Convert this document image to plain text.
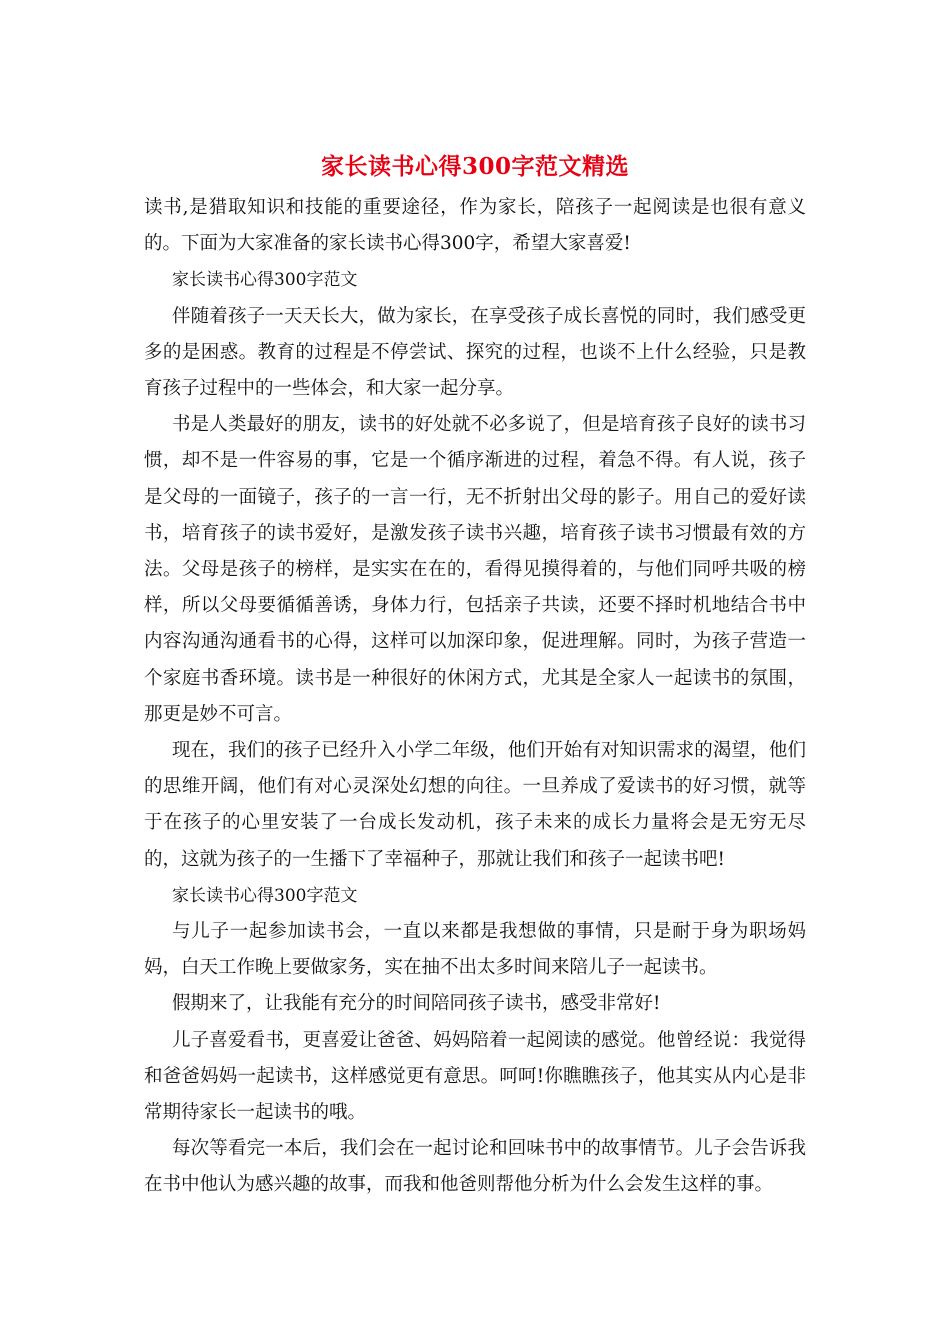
家长读书心得300字范文精选

读书,是猎取知识和技能的重要途径，作为家长，陪孩子一起阅读是也很有意义的。下面为大家准备的家长读书心得300字，希望大家喜爱!

家长读书心得300字范文

伴随着孩子一天天长大，做为家长，在享受孩子成长喜悦的同时，我们感受更多的是困惑。教育的过程是不停尝试、探究的过程，也谈不上什么经验，只是教育孩子过程中的一些体会，和大家一起分享。

书是人类最好的朋友，读书的好处就不必多说了，但是培育孩子良好的读书习惯，却不是一件容易的事，它是一个循序渐进的过程，着急不得。有人说，孩子是父母的一面镜子，孩子的一言一行，无不折射出父母的影子。用自己的爱好读书，培育孩子的读书爱好，是激发孩子读书兴趣，培育孩子读书习惯最有效的方法。父母是孩子的榜样，是实实在在的，看得见摸得着的，与他们同呼共吸的榜样，所以父母要循循善诱，身体力行，包括亲子共读，还要不择时机地结合书中内容沟通沟通看书的心得，这样可以加深印象，促进理解。同时，为孩子营造一个家庭书香环境。读书是一种很好的休闲方式，尤其是全家人一起读书的氛围，那更是妙不可言。

现在，我们的孩子已经升入小学二年级，他们开始有对知识需求的渴望，他们的思维开阔，他们有对心灵深处幻想的向往。一旦养成了爱读书的好习惯，就等于在孩子的心里安装了一台成长发动机，孩子未来的成长力量将会是无穷无尽的，这就为孩子的一生播下了幸福种子，那就让我们和孩子一起读书吧!

家长读书心得300字范文

与儿子一起参加读书会，一直以来都是我想做的事情，只是耐于身为职场妈妈，白天工作晚上要做家务，实在抽不出太多时间来陪儿子一起读书。

假期来了，让我能有充分的时间陪同孩子读书，感受非常好!

儿子喜爱看书，更喜爱让爸爸、妈妈陪着一起阅读的感觉。他曾经说：我觉得和爸爸妈妈一起读书，这样感觉更有意思。呵呵!你瞧瞧孩子，他其实从内心是非常期待家长一起读书的哦。

每次等看完一本后，我们会在一起讨论和回味书中的故事情节。儿子会告诉我在书中他认为感兴趣的故事，而我和他爸则帮他分析为什么会发生这样的事。
